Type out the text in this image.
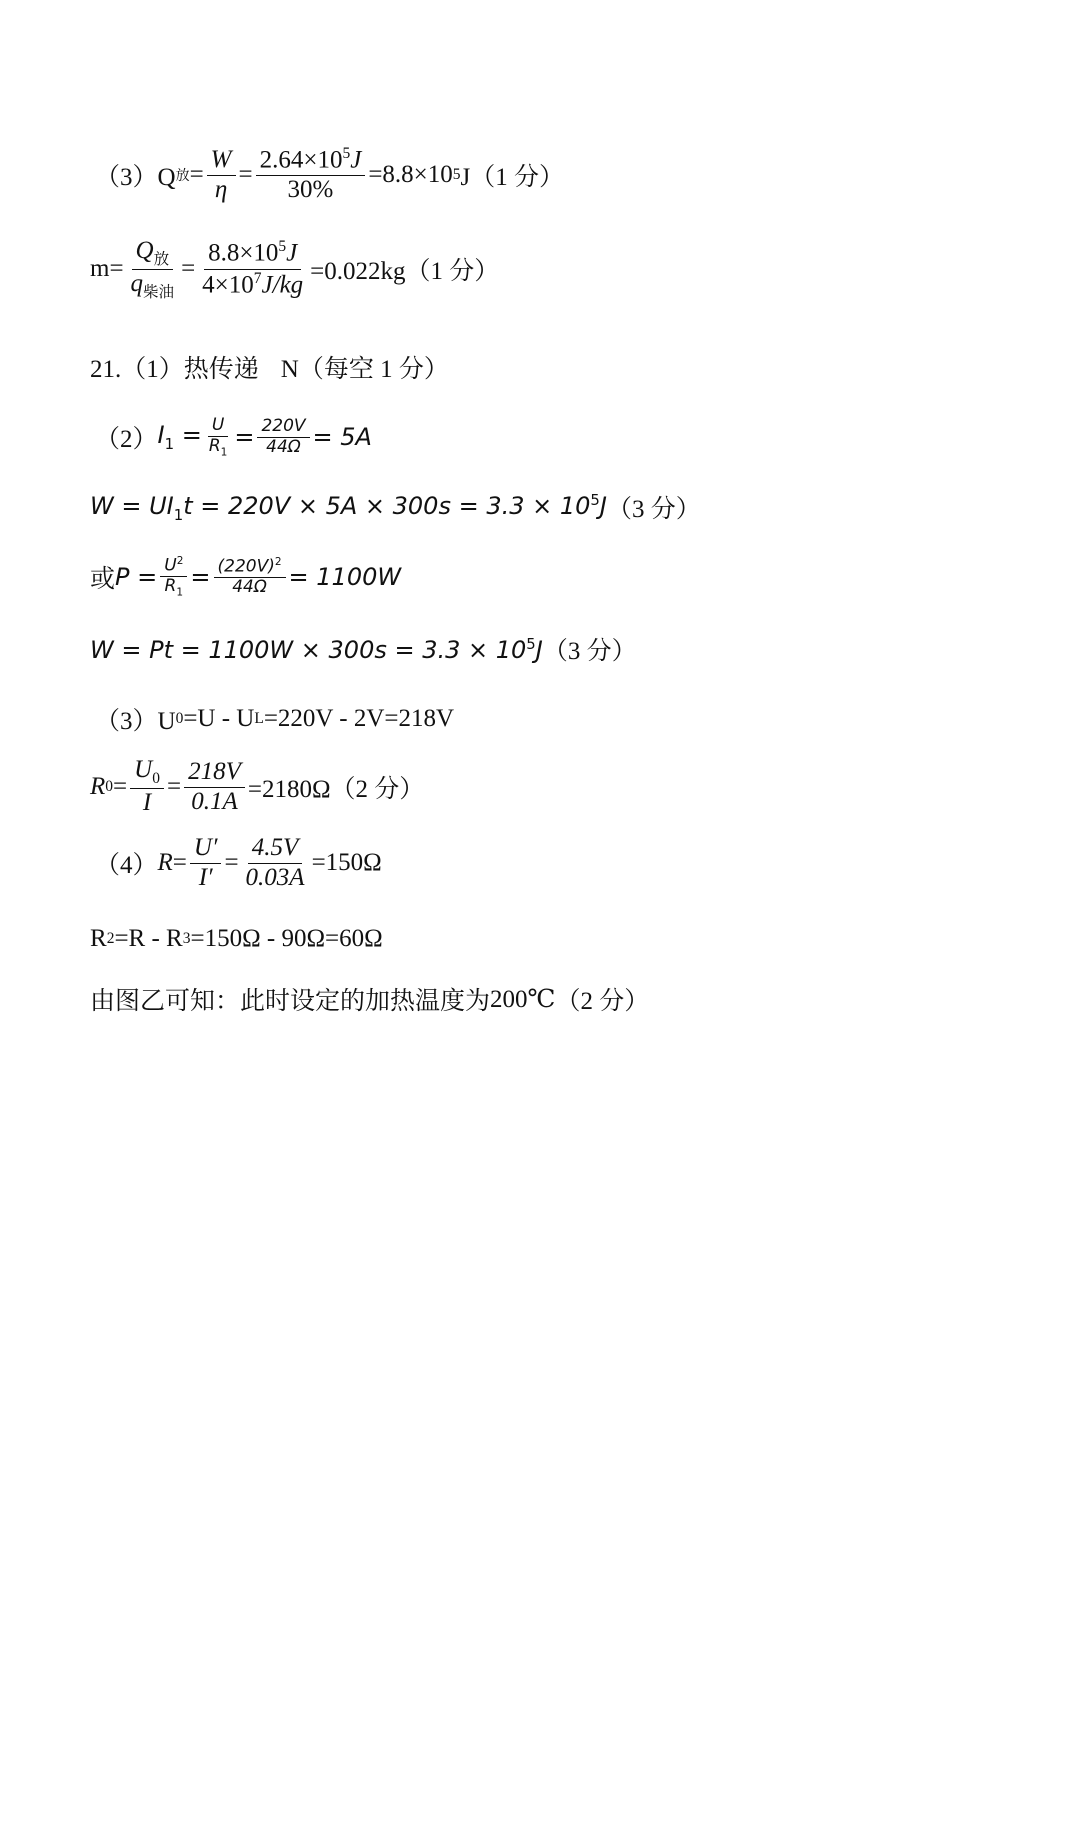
（3）Q 放 = $\frac{W}{\eta} = \frac{2.64\times 10^5J}{30\%} =8.8\times 10$ 5 J（1 分）
$m= \frac{Q_放}{q_{柴油}} = \frac{8.8\times 10^5J}{4\times 10^7J/kg} =0.022kg(1$ 分）
21.（1）热传递 N（每空 1 分）
（2） $I_1 = \frac{U}{R_1} = \frac{220V}{44\Omega} = 5A$
$W = UI_1t = 220V \times 5A \times 300s = 3.3 \times 10^5J$ （3 分）
或 $P = \frac{U^2}{R_1} = \frac{(220V)^2}{44\Omega} = 1100W$
$W = Pt = 1100W \times 300s = 3.3 \times 10^5J$ （3 分）
（3）U 0 =U - U L =220V - 2V=218V
R $0 = \frac{U_0}{I} = \frac{218V}{0.1A} =2180\Omega(2$ 分）
（4） $R = \frac{U'}{I'} = \frac{4.5V}{0.03A} =150\Omega$
R 2 =R - R 3 =150Ω - 90Ω=60Ω
由图乙可知：此时设定的加热温度为 200℃ （2 分）
